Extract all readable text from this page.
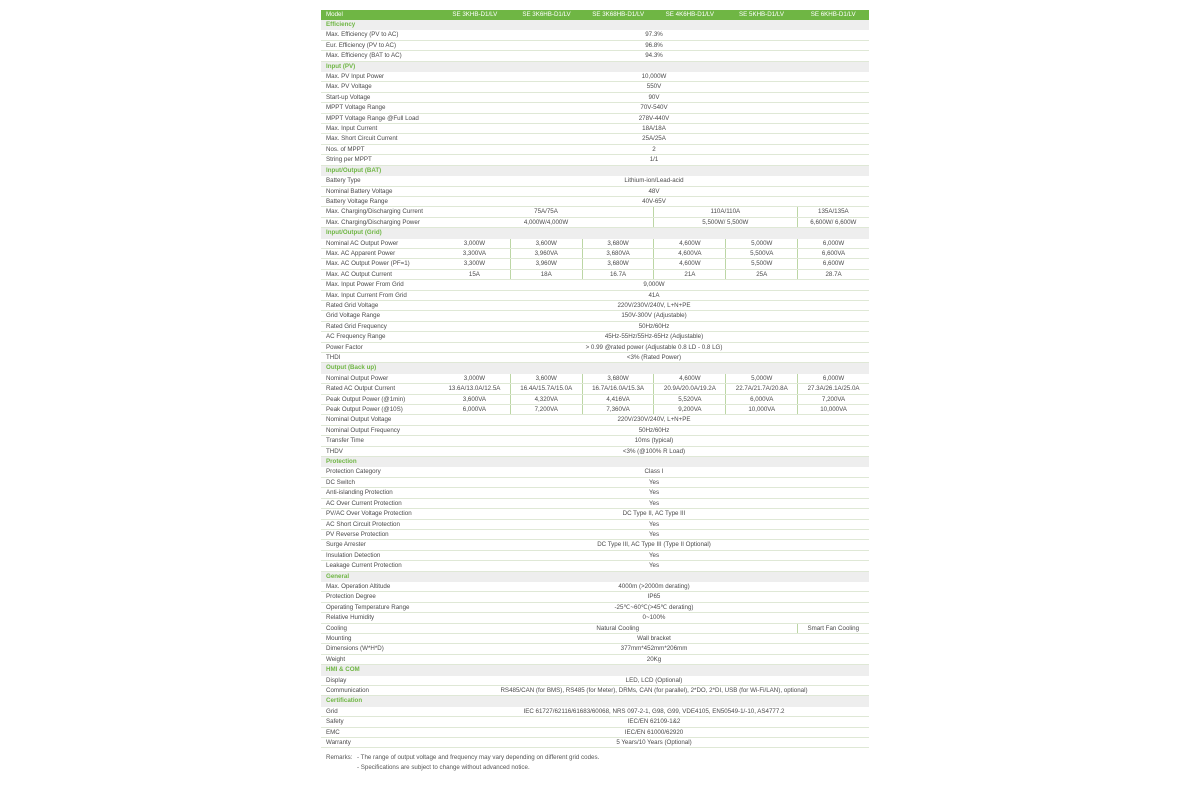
Model	SE 3KHB-D1/LV	SE 3K6HB-D1/LV	SE 3K68HB-D1/LV	SE 4K6HB-D1/LV	SE 5KHB-D1/LV	SE 6KHB-D1/LV
Efficiency
Max. Efficiency (PV to AC)	97.3%
Eur. Efficiency (PV to AC)	96.8%
Max. Efficiency (BAT to AC)	94.3%
Input (PV)
Max. PV Input Power	10,000W
Max. PV Voltage	550V
Start-up Voltage	90V
MPPT Voltage Range	70V-540V
MPPT Voltage Range @Full Load	278V-440V
Max. Input Current	18A/18A
Max. Short Circuit Current	25A/25A
Nos. of MPPT	2
String per MPPT	1/1
Input/Output (BAT)
Battery Type	Lithium-ion/Lead-acid
Nominal Battery Voltage	48V
Battery Voltage Range	40V-65V
Max. Charging/Discharging Current	75A/75A	110A/110A	135A/135A
Max. Charging/Discharging Power	4,000W/4,000W	5,500W/ 5,500W	6,600W/ 6,600W
Input/Output (Grid)
Nominal AC Output Power	3,000W	3,600W	3,680W	4,600W	5,000W	6,000W
Max. AC Apparent Power	3,300VA	3,960VA	3,680VA	4,600VA	5,500VA	6,600VA
Max. AC Output Power (PF=1)	3,300W	3,960W	3,680W	4,600W	5,500W	6,600W
Max. AC Output Current	15A	18A	16.7A	21A	25A	28.7A
Max. Input Power From Grid	9,000W
Max. Input Current From Grid	41A
Rated Grid Voltage	220V/230V/240V, L+N+PE
Grid Voltage Range	150V-300V (Adjustable)
Rated Grid Frequency	50Hz/60Hz
AC Frequency Range	45Hz-55Hz/55Hz-65Hz (Adjustable)
Power Factor	> 0.99 @rated power (Adjustable 0.8 LD - 0.8 LG)
THDI	<3% (Rated Power)
Output (Back up)
Nominal Output Power	3,000W	3,600W	3,680W	4,600W	5,000W	6,000W
Rated AC Output Current	13.6A/13.0A/12.5A	16.4A/15.7A/15.0A	16.7A/16.0A/15.3A	20.9A/20.0A/19.2A	22.7A/21.7A/20.8A	27.3A/26.1A/25.0A
Peak Output Power (@1min)	3,600VA	4,320VA	4,416VA	5,520VA	6,000VA	7,200VA
Peak Output Power (@10S)	6,000VA	7,200VA	7,360VA	9,200VA	10,000VA	10,000VA
Nominal Output Voltage	220V/230V/240V, L+N+PE
Nominal Output Frequency	50Hz/60Hz
Transfer Time	10ms (typical)
THDV	<3% (@100% R Load)
Protection
Protection Category	Class I
DC Switch	Yes
Anti-islanding Protection	Yes
AC Over Current Protection	Yes
PV/AC Over Voltage Protection	DC Type II, AC Type III
AC Short Circuit Protection	Yes
PV Reverse Protection	Yes
Surge Arrester	DC Type III, AC Type III (Type II Optional)
Insulation Detection	Yes
Leakage Current Protection	Yes
General
Max. Operation Altitude	4000m (>2000m derating)
Protection Degree	IP65
Operating Temperature Range	-25℃~60℃(>45℃ derating)
Relative Humidity	0~100%
Cooling	Natural Cooling	Smart Fan Cooling
Mounting	Wall bracket
Dimensions (W*H*D)	377mm*452mm*206mm
Weight	20Kg
HMI & COM
Display	LED, LCD (Optional)
Communication	RS485/CAN (for BMS), RS485 (for Meter), DRMs, CAN (for parallel), 2*DO, 2*DI, USB (for Wi-Fi/LAN), optional)
Certification
Grid	IEC 61727/62116/61683/60068, NRS 097-2-1, G98, G99, VDE4105, EN50549-1/-10, AS4777.2
Safety	IEC/EN 62109-1&2
EMC	IEC/EN 61000/62920
Warranty	5 Years/10 Years (Optional)
Remarks: - The range of output voltage and frequency may vary depending on different grid codes.
- Specifications are subject to change without advanced notice.
